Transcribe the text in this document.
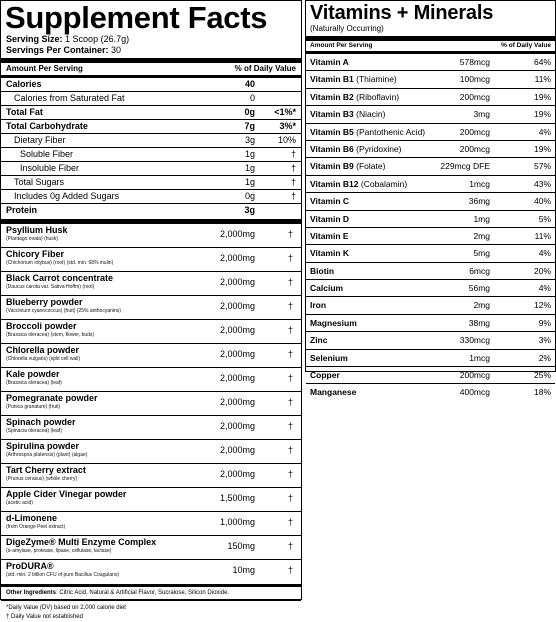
Supplement Facts
Serving Size: 1 Scoop (26.7g)
Servings Per Container: 30
Amount Per Serving	% of Daily Value
Calories	40
Calories from Saturated Fat	0
Total Fat	0g <1%*
Total Carbohydrate	7g	3%*
Dietary Fiber	3g	10%
Soluble Fiber	1g	†
Insoluble Fiber	1g	†
Total Sugars	1g	†
Includes 0g Added Sugars	0g	†
Protein	3g
Psyllium Husk
(Plantago ovata) (husk)	2,000mg	†
Chicory Fiber
(Chichorium intybus) (root) (std. min. 68% inulin)	2,000mg	†
Black Carrot concentrate
(Daucus carota var. Sativa Hoffm) (root)	2,000mg	†
Blueberry powder
(Vaccinium cyanococcus) (fruit) (25% anthocyanins)	2,000mg	†
Broccoli powder
(Brassica oleracea) (stem, flower, buds)	2,000mg	†
Chlorella powder
(Chlorella vulgaris) (split cell wall)	2,000mg	†
Kale powder
(Brassica oleracea) (leaf)	2,000mg	†
Pomegranate powder
(Punica granatum) (fruit)	2,000mg	†
Spinach powder
(Spinacia oleracea) (leaf)	2,000mg	†
Spirulina powder
(Arthrospira platensis) (plant) (algae)	2,000mg	†
Tart Cherry extract
(Prunus cerasus) (whole cherry)	2,000mg	†
Apple Cider Vinegar powder
(acetic acid)	1,500mg	†
d-Limonene
(from Orange Peel extract)	1,000mg	†
DigeZyme® Multi Enzyme Complex
(α-amylase, protease, lipase, cellulase, lactase)	150mg	†
ProDURA®
(std. min. 2 billion CFU of pure Bacillus Coagulans)	10mg	†
Other Ingredients: Citric Acid, Natural & Artificial Flavor, Sucralose, Silicon Dioxide.
*Daily Value (DV) based on 2,000 calorie diet
† Daily Value not established
Vitamins + Minerals
(Naturally Occurring)
Amount Per Serving	% of Daily Value
Vitamin A	578mcg	64%
Vitamin B1 (Thiamine)	100mcg	11%
Vitamin B2 (Riboflavin)	200mcg	19%
Vitamin B3 (Niacin)	3mg	19%
Vitamin B5 (Pantothenic Acid)	200mcg	4%
Vitamin B6 (Pyridoxine)	200mcg	19%
Vitamin B9 (Folate)	229mcg DFE	57%
Vitamin B12 (Cobalamin)	1mcg	43%
Vitamin C	36mg	40%
Vitamin D	1mg	5%
Vitamin E	2mg	11%
Vitamin K	5mg	4%
Biotin	6mcg	20%
Calcium	56mg	4%
Iron	2mg	12%
Magnesium	38mg	9%
Zinc	330mcg	3%
Selenium	1mcg	2%
Copper	200mcg	25%
Manganese	400mcg	18%
